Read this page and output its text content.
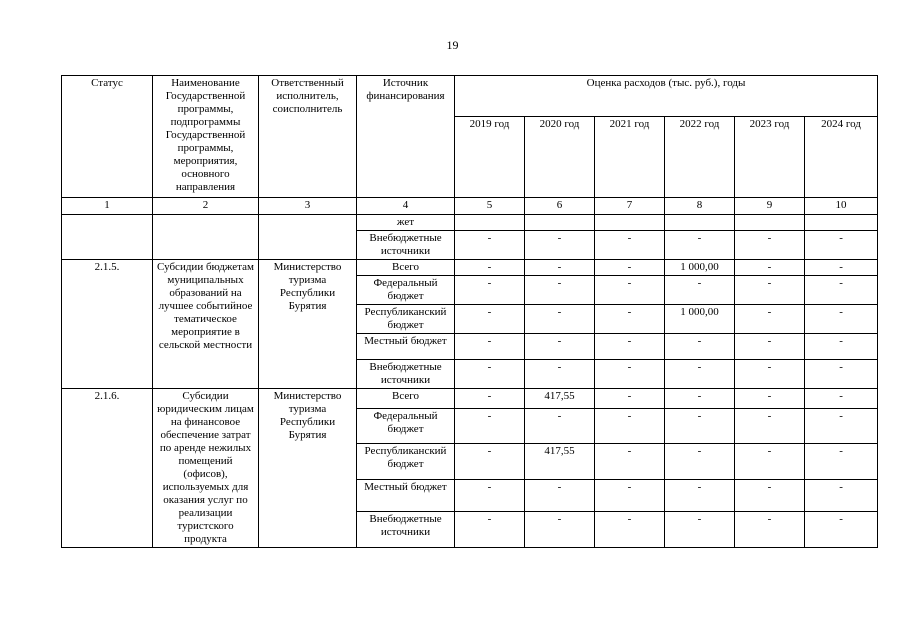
19
Статус	Наименование Государственной программы, подпрограммы Государственной программы, мероприятия, основного направления	Ответственный исполнитель, соисполнитель	Источник финансирования	Оценка расходов (тыс. руб.), годы					
				2019 год	2020 год	2021 год	2022 год	2023 год	2024 год
1	2	3	4	5	6	7	8	9	10
			жет						
			Внебюджетные источники	-	-	-	-	-	-
2.1.5.	Субсидии бюджетам муниципальных образований на лучшее событийное тематическое мероприятие в сельской местности	Министерство туризма Республики Бурятия	Всего	-	-	-	1 000,00	-	-
			Федеральный бюджет	-	-	-	-	-	-
			Республиканский бюджет	-	-	-	1 000,00	-	-
			Местный бюджет	-	-	-	-	-	-
			Внебюджетные источники	-	-	-	-	-	-
2.1.6.	Субсидии юридическим лицам на финансовое обеспечение затрат по аренде нежилых помещений (офисов), используемых для оказания услуг по реализации туристского продукта	Министерство туризма Республики Бурятия	Всего	-	417,55	-	-	-	-
			Федеральный бюджет	-	-	-	-	-	-
			Республиканский бюджет	-	417,55	-	-	-	-
			Местный бюджет	-	-	-	-	-	-
			Внебюджетные источники	-	-	-	-	-	-
